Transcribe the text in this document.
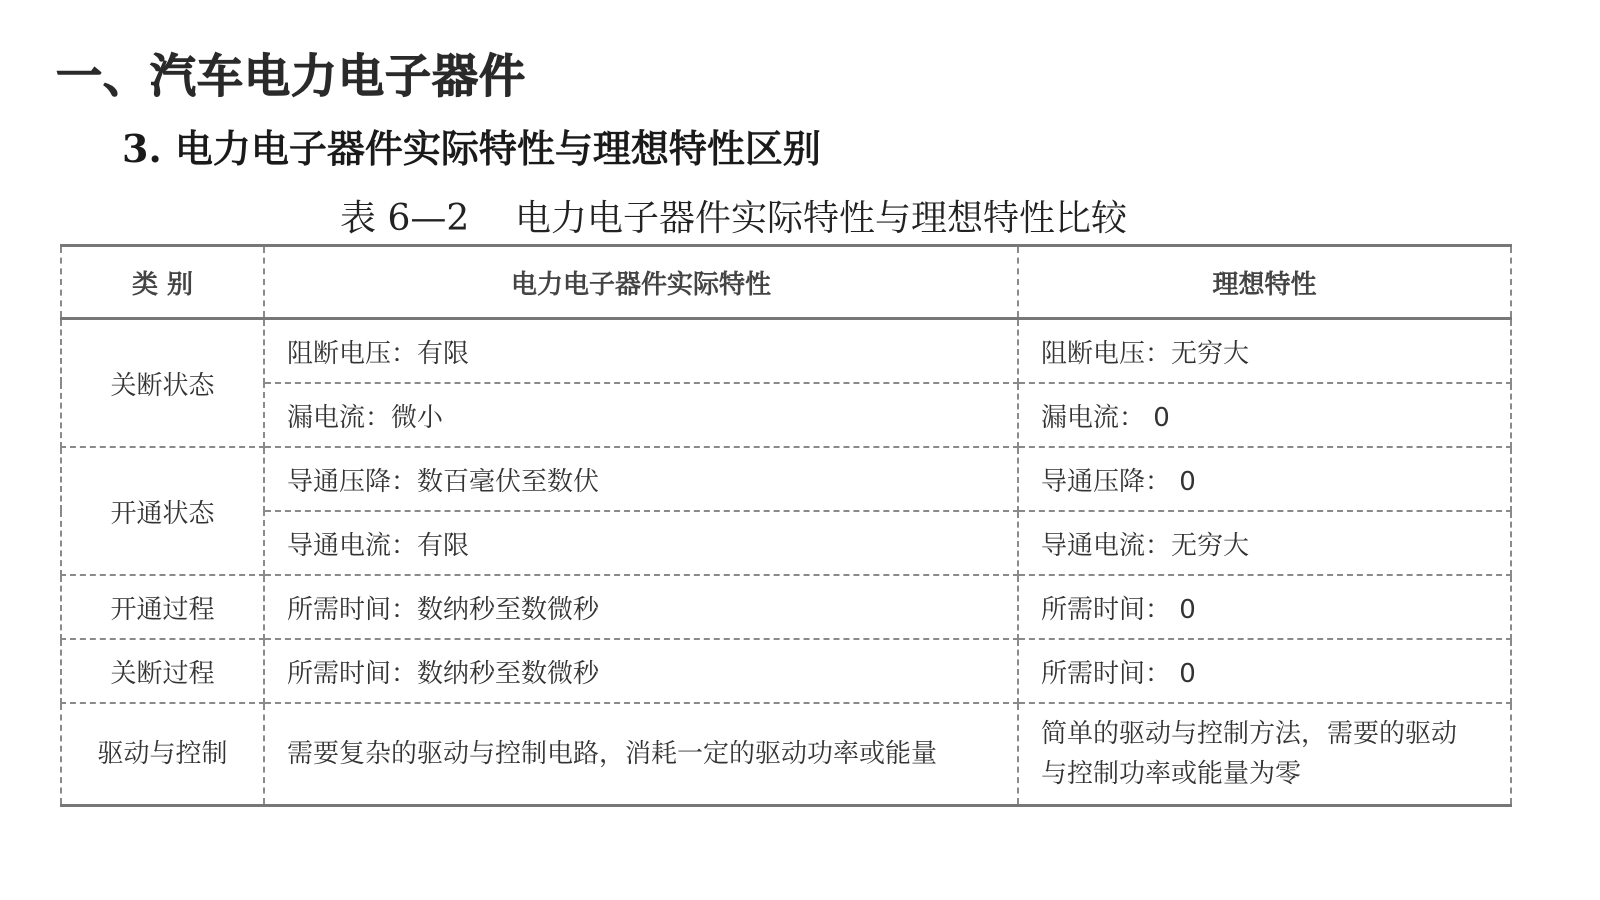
一、汽车电力电子器件
3. 电力电子器件实际特性与理想特性区别
表 6—2    电力电子器件实际特性与理想特性比较
类 别	电力电子器件实际特性	理想特性
关断状态	阻断电压：有限	阻断电压：无穷大
	漏电流：微小	漏电流： 0
开通状态	导通压降：数百毫伏至数伏	导通压降： 0
	导通电流：有限	导通电流：无穷大
开通过程	所需时间：数纳秒至数微秒	所需时间： 0
关断过程	所需时间：数纳秒至数微秒	所需时间： 0
驱动与控制	需要复杂的驱动与控制电路，消耗一定的驱动功率或能量	简单的驱动与控制方法，需要的驱动与控制功率或能量为零
